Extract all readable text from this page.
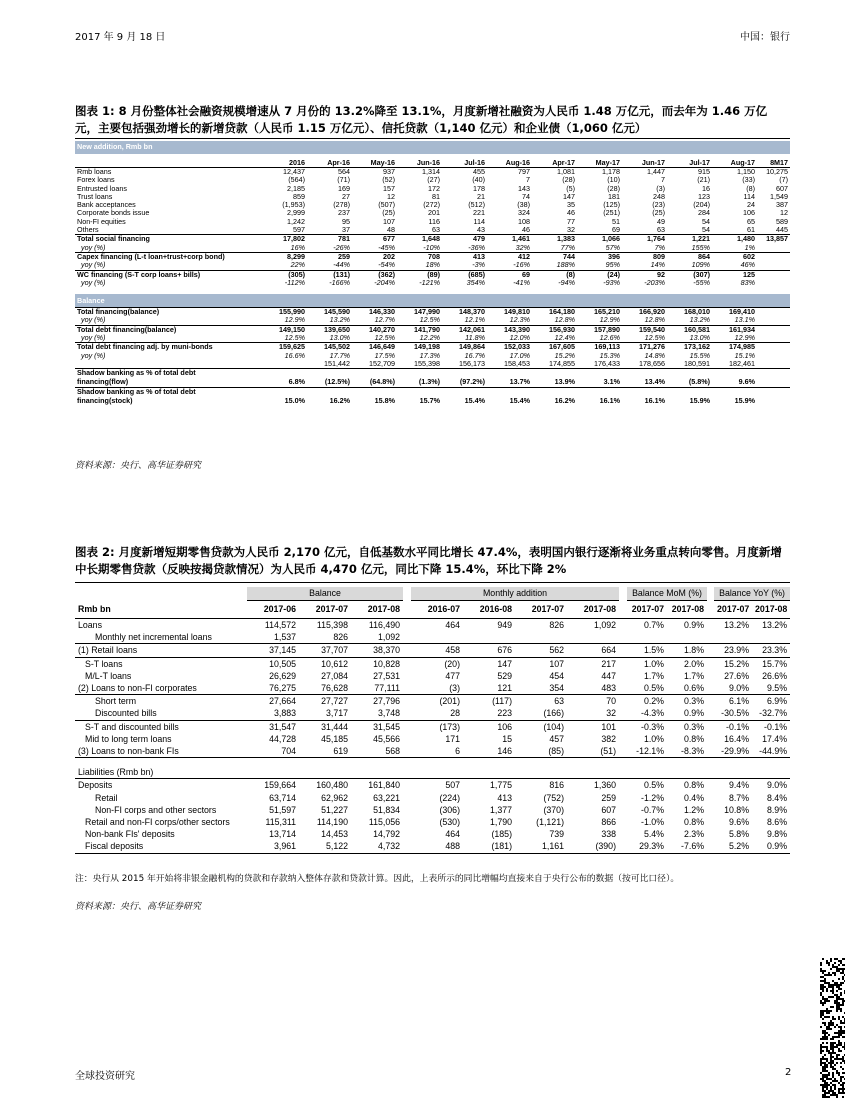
2017 年 9 月 18 日	中国：银行
图表 1: 8 月份整体社会融资规模增速从 7 月份的 13.2%降至 13.1%，月度新增社融资为人民币 1.48 万亿元，而去年为 1.46 万亿元，主要包括强劲增长的新增贷款（人民币 1.15 万亿元）、信托贷款（1,140 亿元）和企业债（1,060 亿元）
New addition, Rmb bn												
	2016	Apr-16	May-16	Jun-16	Jul-16	Aug-16	Apr-17	May-17	Jun-17	Jul-17	Aug-17	8M17
Rmb loans	12,437	564	937	1,314	455	797	1,081	1,178	1,447	915	1,150	10,275
Forex loans	(564)	(71)	(52)	(27)	(40)	7	(28)	(10)	7	(21)	(33)	(7)
Entrusted loans	2,185	169	157	172	178	143	(5)	(28)	(3)	16	(8)	607
Trust loans	859	27	12	81	21	74	147	181	248	123	114	1,549
Bank acceptances	(1,953)	(278)	(507)	(272)	(512)	(38)	35	(125)	(23)	(204)	24	387
Corporate bonds issue	2,999	237	(25)	201	221	324	46	(251)	(25)	284	106	12
Non-FI equities	1,242	95	107	116	114	108	77	51	49	54	65	589
Others	597	37	48	63	43	46	32	69	63	54	61	445
Total social financing	17,802	781	677	1,648	479	1,461	1,383	1,066	1,764	1,221	1,480	13,857
yoy (%)	16%	-26%	-45%	-10%	-36%	32%	77%	57%	7%	155%	1%	
Capex financing (L-t loan+trust+corp bond)	8,299	259	202	708	413	412	744	396	809	864	602	
yoy (%)	22%	-44%	-54%	18%	-3%	-16%	188%	95%	14%	109%	46%	
WC financing (S-T corp loans+ bills)	(305)	(131)	(362)	(89)	(685)	69	(8)	(24)	92	(307)	125	
yoy (%)	-112%	-166%	-204%	-121%	354%	-41%	-94%	-93%	-203%	-55%	83%	

Balance												
Total financing(balance)	155,990	145,590	146,330	147,990	148,370	149,810	164,180	165,210	166,920	168,010	169,410	
yoy (%)	12.9%	13.2%	12.7%	12.5%	12.1%	12.3%	12.8%	12.9%	12.8%	13.2%	13.1%	
Total debt financing(balance)	149,150	139,650	140,270	141,790	142,061	143,390	156,930	157,890	159,540	160,581	161,934	
yoy (%)	12.5%	13.0%	12.5%	12.2%	11.8%	12.0%	12.4%	12.6%	12.5%	13.0%	12.9%	
Total debt financing adj. by muni-bonds	159,625	145,502	146,649	149,198	149,864	152,033	167,605	169,113	171,276	173,162	174,985	
yoy (%)	16.6%	17.7%	17.5%	17.3%	16.7%	17.0%	15.2%	15.3%	14.8%	15.5%	15.1%	
		151,442	152,709	155,398	156,173	158,453	174,855	176,433	178,656	180,591	182,461	
Shadow banking as % of total debt												
financing(flow)	6.8%	(12.5%)	(64.8%)	(1.3%)	(97.2%)	13.7%	13.9%	3.1%	13.4%	(5.8%)	9.6%	
Shadow banking as % of total debt												
financing(stock)	15.0%	16.2%	15.8%	15.7%	15.4%	15.4%	16.2%	16.1%	16.1%	15.9%	15.9%	
资料来源：央行、高华证券研究
图表 2: 月度新增短期零售贷款为人民币 2,170 亿元，自低基数水平同比增长 47.4%，表明国内银行逐渐将业务重点转向零售。月度新增中长期零售贷款（反映按揭贷款情况）为人民币 4,470 亿元，同比下降 15.4%，环比下降 2%
	Balance				Monthly addition					Balance MoM (%)			Balance YoY (%)	
Rmb bn	2017-06	2017-07	2017-08		2016-07	2016-08	2017-07	2017-08		2017-07	2017-08		2017-07	2017-08
Loans	114,572	115,398	116,490		464	949	826	1,092		0.7%	0.9%		13.2%	13.2%
Monthly net incremental loans	1,537	826	1,092											
(1) Retail loans	37,145	37,707	38,370		458	676	562	664		1.5%	1.8%		23.9%	23.3%
S-T loans	10,505	10,612	10,828		(20)	147	107	217		1.0%	2.0%		15.2%	15.7%
M/L-T loans	26,629	27,084	27,531		477	529	454	447		1.7%	1.7%		27.6%	26.6%
(2) Loans to non-FI corporates	76,275	76,628	77,111		(3)	121	354	483		0.5%	0.6%		9.0%	9.5%
Short term	27,664	27,727	27,796		(201)	(117)	63	70		0.2%	0.3%		6.1%	6.9%
Discounted bills	3,883	3,717	3,748		28	223	(166)	32		-4.3%	0.9%		-30.5%	-32.7%
S-T and discounted bills	31,547	31,444	31,545		(173)	106	(104)	101		-0.3%	0.3%		-0.1%	-0.1%
Mid to long term loans	44,728	45,185	45,566		171	15	457	382		1.0%	0.8%		16.4%	17.4%
(3) Loans to non-bank FIs	704	619	568		6	146	(85)	(51)		-12.1%	-8.3%		-29.9%	-44.9%

Liabilities (Rmb bn)														
Deposits	159,664	160,480	161,840		507	1,775	816	1,360		0.5%	0.8%		9.4%	9.0%
Retail	63,714	62,962	63,221		(224)	413	(752)	259		-1.2%	0.4%		8.7%	8.4%
Non-FI corps and other sectors	51,597	51,227	51,834		(306)	1,377	(370)	607		-0.7%	1.2%		10.8%	8.9%
Retail and non-FI corps/other sectors	115,311	114,190	115,056		(530)	1,790	(1,121)	866		-1.0%	0.8%		9.6%	8.6%
Non-bank FIs' deposits	13,714	14,453	14,792		464	(185)	739	338		5.4%	2.3%		5.8%	9.8%
Fiscal deposits	3,961	5,122	4,732		488	(181)	1,161	(390)		29.3%	-7.6%		5.2%	0.9%
注：央行从 2015 年开始将非银金融机构的贷款和存款纳入整体存款和贷款计算。因此，上表所示的同比增幅均直接来自于央行公布的数据（按可比口径）。
资料来源：央行、高华证券研究
全球投资研究	2
